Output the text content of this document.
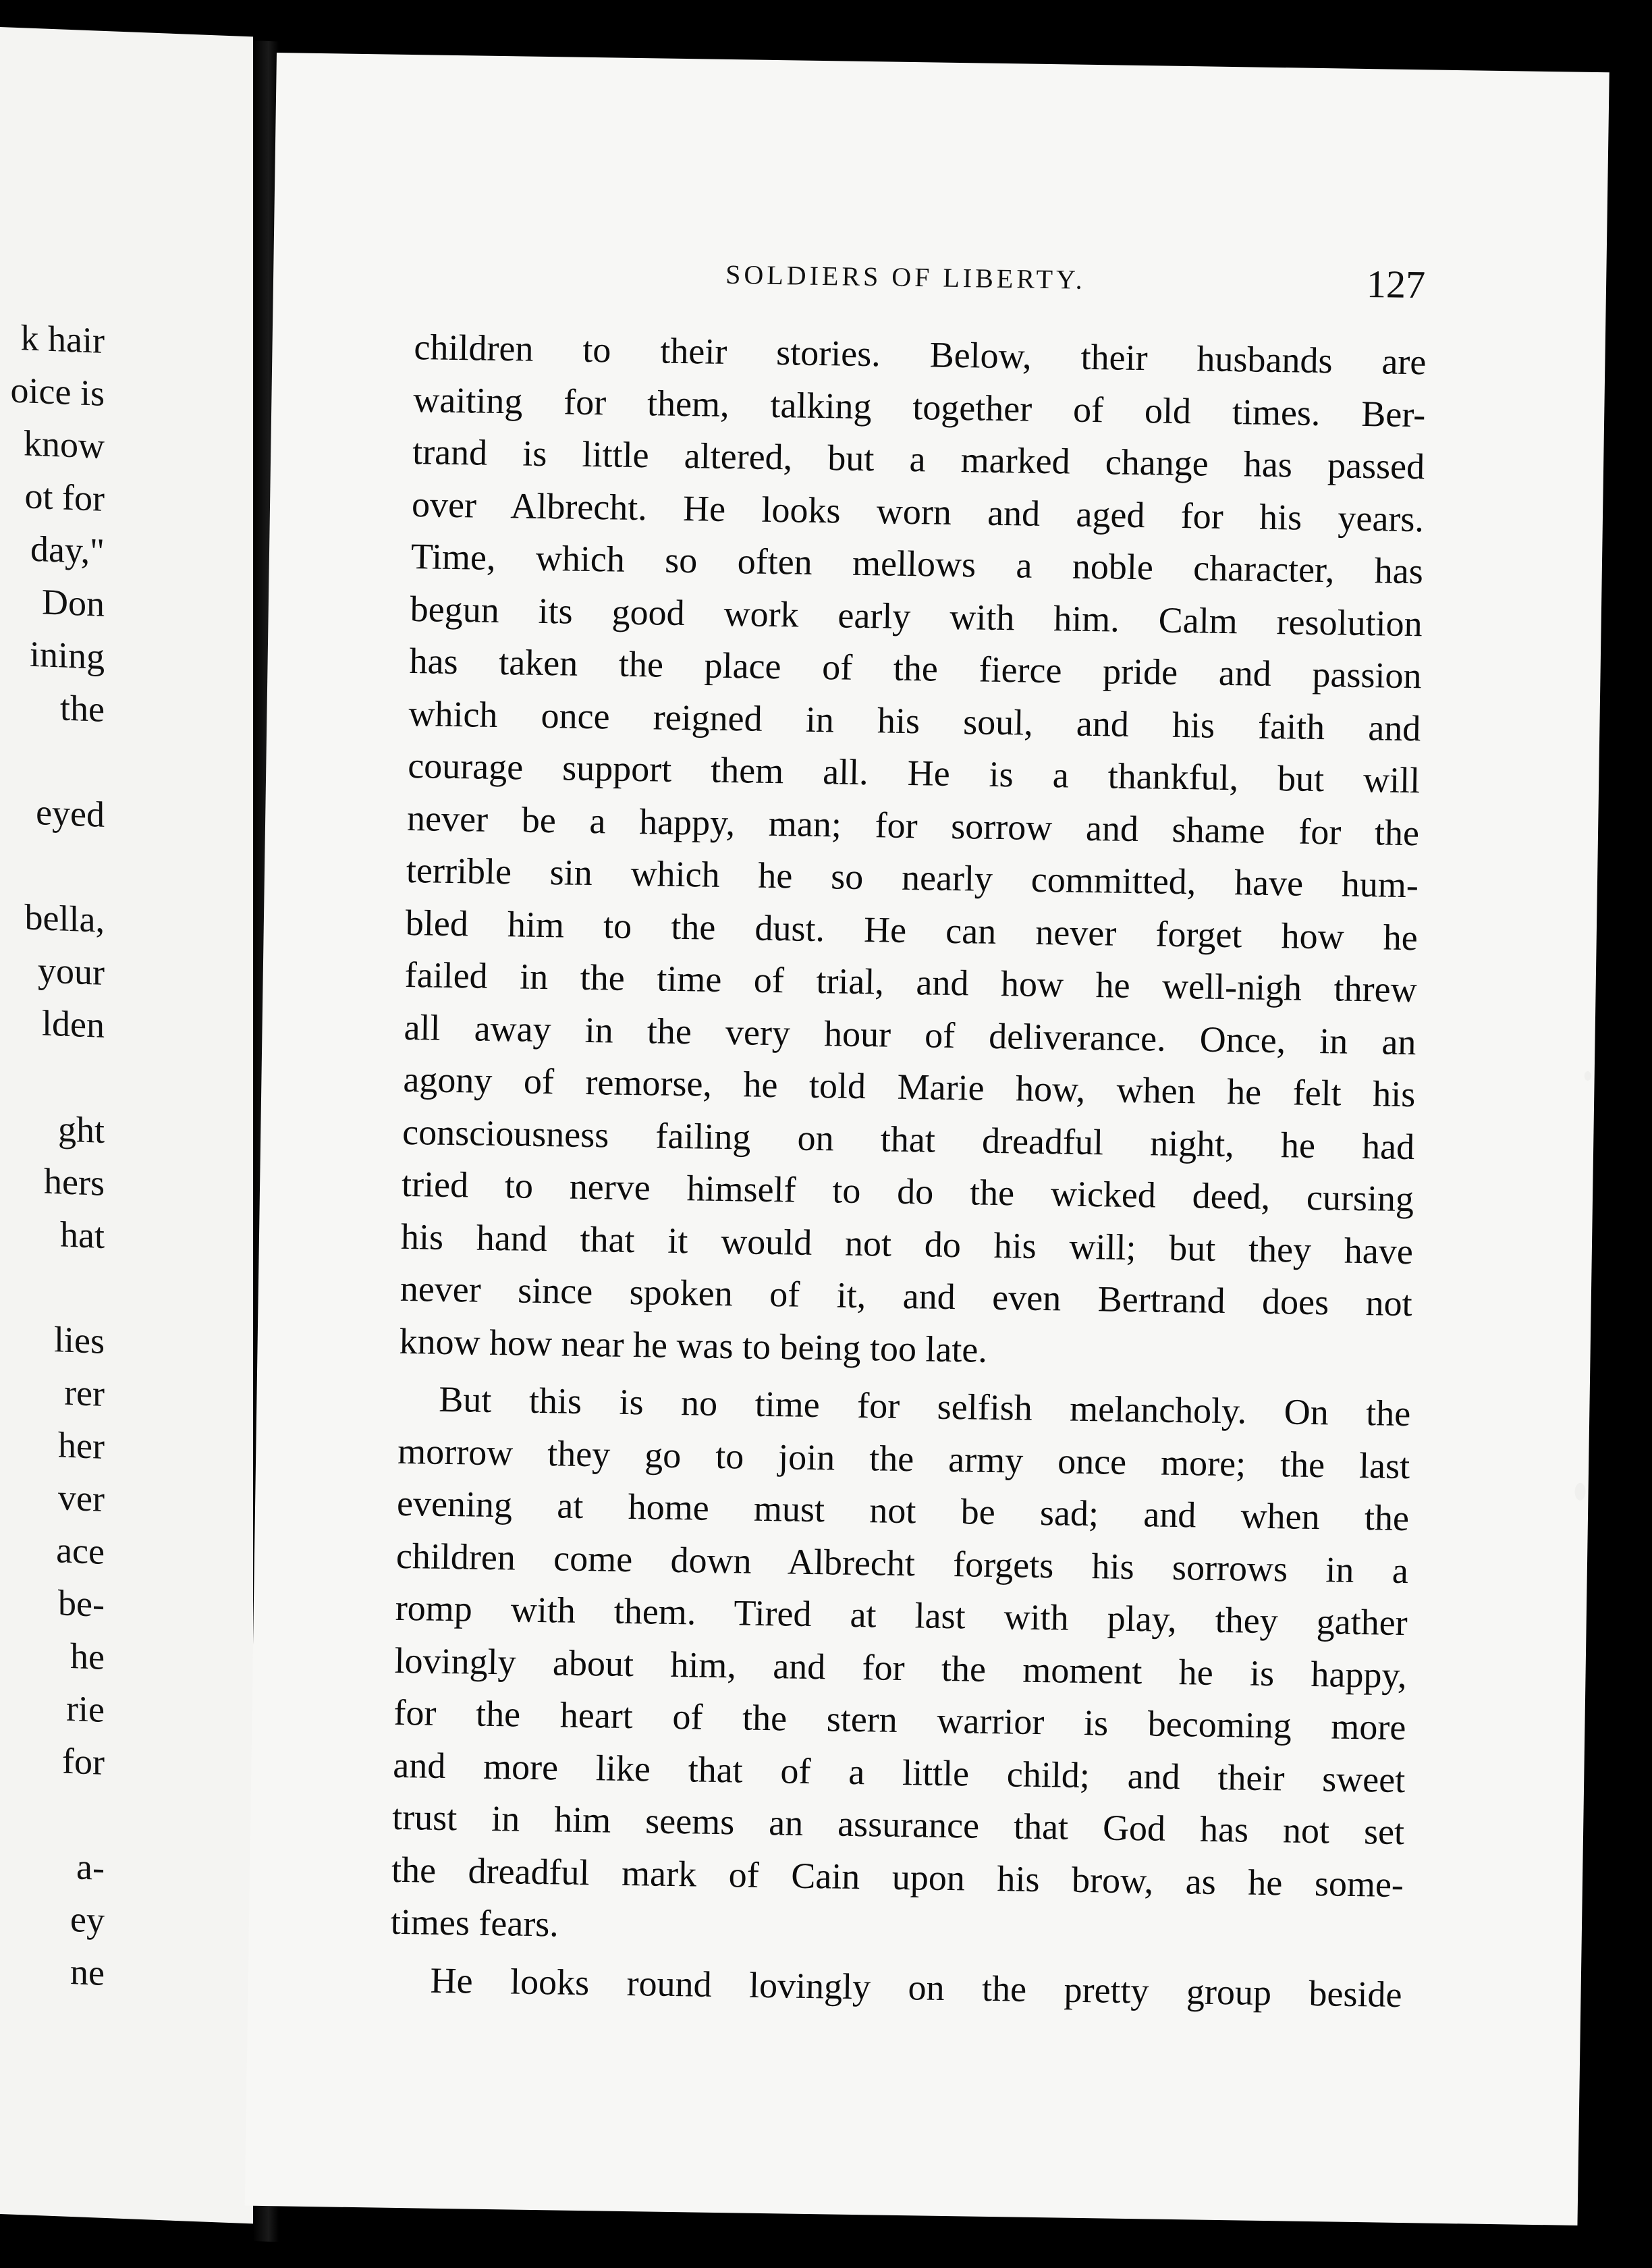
k hair
oice is
know
ot for
day,"
Don
ining
the

eyed

bella,
your
lden

ght
hers
hat

lies
rer
her
ver
ace
be-
he
rie
for

a-
ey
ne
SOLDIERS OF LIBERTY.	127
children to their stories. Below, their husbands are
waiting for them, talking together of old times. Ber-
trand is little altered, but a marked change has passed
over Albrecht. He looks worn and aged for his years.
Time, which so often mellows a noble character, has
begun its good work early with him. Calm resolution
has taken the place of the fierce pride and passion
which once reigned in his soul, and his faith and
courage support them all. He is a thankful, but will
never be a happy, man; for sorrow and shame for the
terrible sin which he so nearly committed, have hum-
bled him to the dust. He can never forget how he
failed in the time of trial, and how he well-nigh threw
all away in the very hour of deliverance. Once, in an
agony of remorse, he told Marie how, when he felt his
consciousness failing on that dreadful night, he had
tried to nerve himself to do the wicked deed, cursing
his hand that it would not do his will; but they have
never since spoken of it, and even Bertrand does not
know how near he was to being too late.
But this is no time for selfish melancholy. On the
morrow they go to join the army once more; the last
evening at home must not be sad; and when the
children come down Albrecht forgets his sorrows in a
romp with them. Tired at last with play, they gather
lovingly about him, and for the moment he is happy,
for the heart of the stern warrior is becoming more
and more like that of a little child; and their sweet
trust in him seems an assurance that God has not set
the dreadful mark of Cain upon his brow, as he some-
times fears.
He looks round lovingly on the pretty group beside
